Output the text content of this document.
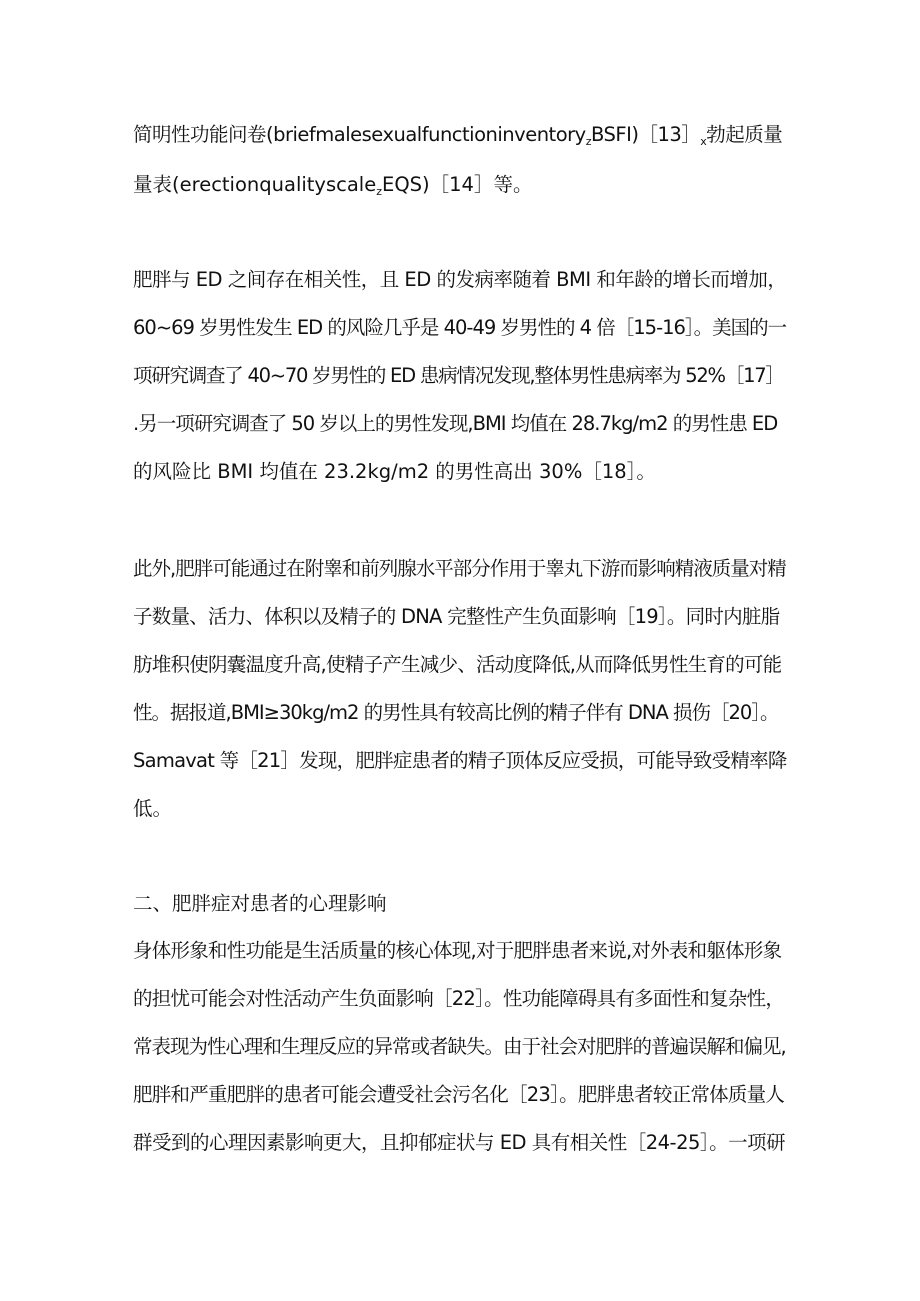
简明性功能问卷$(briefmalesexualfunctioninventory_zBSFI)[13]_x$勃起质量

量表(erectionqualityscale$_z$EQS)［14］等。

肥胖与 ED 之间存在相关性，且 ED 的发病率随着 BMI 和年龄的增长而增加，

60~69 岁男性发生 ED 的风险几乎是 40-49 岁男性的 4 倍［15-16］。美国的一

项研究调查了 40~70 岁男性的 ED 患病情况发现,整体男性患病率为 52%［17］

.另一项研究调查了 50 岁以上的男性发现,BMI 均值在 28.7kg/m2 的男性患 ED

的风险比 BMI 均值在 23.2kg/m2 的男性高出 30%［18］。

此外,肥胖可能通过在附睾和前列腺水平部分作用于睾丸下游而影响精液质量对精

子数量、活力、体积以及精子的 DNA 完整性产生负面影响［19］。同时内脏脂

肪堆积使阴囊温度升高,使精子产生减少、活动度降低,从而降低男性生育的可能

性。据报道,BMI≥30kg/m2 的男性具有较高比例的精子伴有 DNA 损伤［20］。

Samavat 等［21］发现，肥胖症患者的精子顶体反应受损，可能导致受精率降

低。

二、肥胖症对患者的心理影响

身体形象和性功能是生活质量的核心体现,对于肥胖患者来说,对外表和躯体形象

的担忧可能会对性活动产生负面影响［22］。性功能障碍具有多面性和复杂性，

常表现为性心理和生理反应的异常或者缺失。由于社会对肥胖的普遍误解和偏见,

肥胖和严重肥胖的患者可能会遭受社会污名化［23］。肥胖患者较正常体质量人

群受到的心理因素影响更大，且抑郁症状与 ED 具有相关性［24-25］。一项研
